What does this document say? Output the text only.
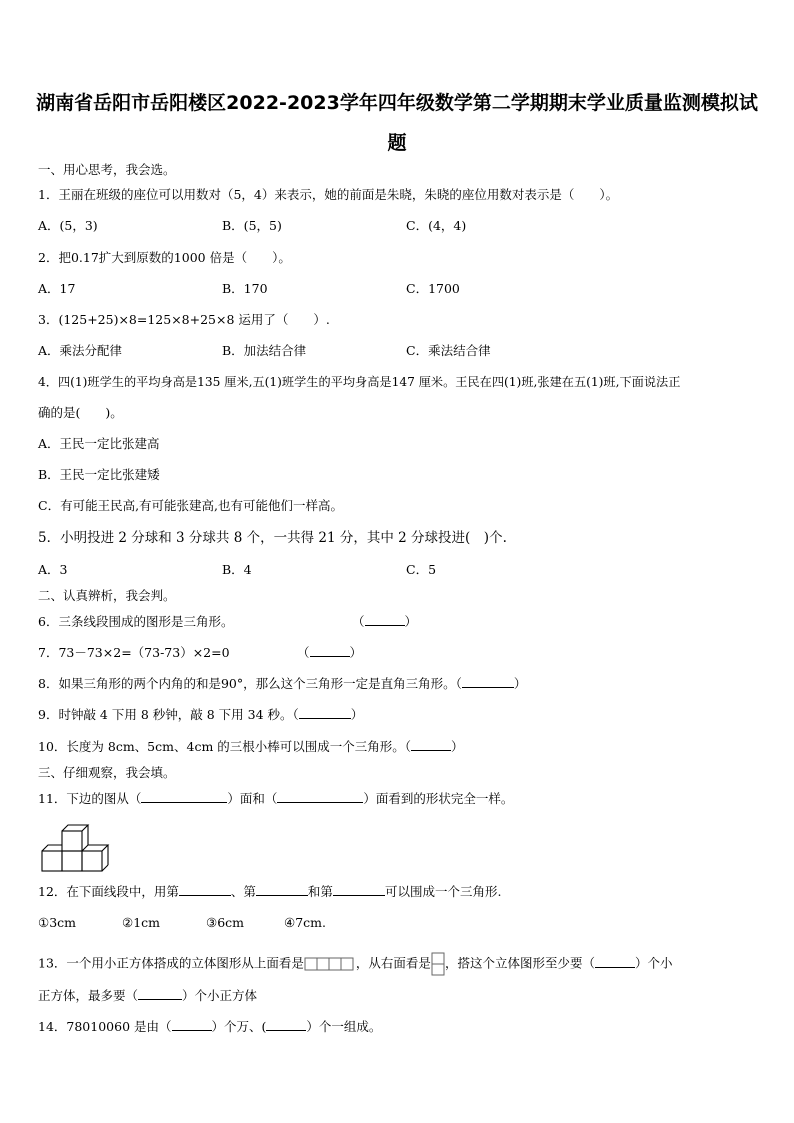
湖南省岳阳市岳阳楼区2022-2023学年四年级数学第二学期期末学业质量监测模拟试
题
一、用心思考，我会选。
1．王丽在班级的座位可以用数对（5，4）来表示，她的前面是朱晓，朱晓的座位用数对表示是（　　）。
A．(5，3)	B．(5，5)	C．(4，4)
2．把0.17扩大到原数的1000 倍是（　　）。
A．17	B．170	C．1700
3．(125+25)×8=125×8+25×8 运用了（　　）.
A．乘法分配律	B．加法结合律	C．乘法结合律
4．四(1)班学生的平均身高是135 厘米,五(1)班学生的平均身高是147 厘米。王民在四(1)班,张建在五(1)班,下面说法正
确的是(　　)。
A．王民一定比张建高
B．王民一定比张建矮
C．有可能王民高,有可能张建高,也有可能他们一样高。
5．小明投进 2 分球和 3 分球共 8 个，一共得 21 分，其中 2 分球投进(　)个.
A．3	B．4	C．5
二、认真辨析，我会判。
6．三条线段围成的图形是三角形。	（	）
7．73－73×2=（73-73）×2=0	（	）
8．如果三角形的两个内角的和是90°，那么这个三角形一定是直角三角形。（	）
9．时钟敲 4 下用 8 秒钟，敲 8 下用 34 秒。（	）
10．长度为 8cm、5cm、4cm 的三根小棒可以围成一个三角形。（	）
三、仔细观察，我会填。
11．下边的图从（	）面和（	）面看到的形状完全一样。
12．在下面线段中，用第	、第	和第	可以围成一个三角形.
①3cm	②1cm	③6cm	④7cm.
13．一个用小正方体搭成的立体图形从上面看是	，从右面看是 ，搭这个立体图形至少要（	）个小
正方体，最多要（	）个小正方体
14．78010060 是由（	）个万、(	）个一组成。
